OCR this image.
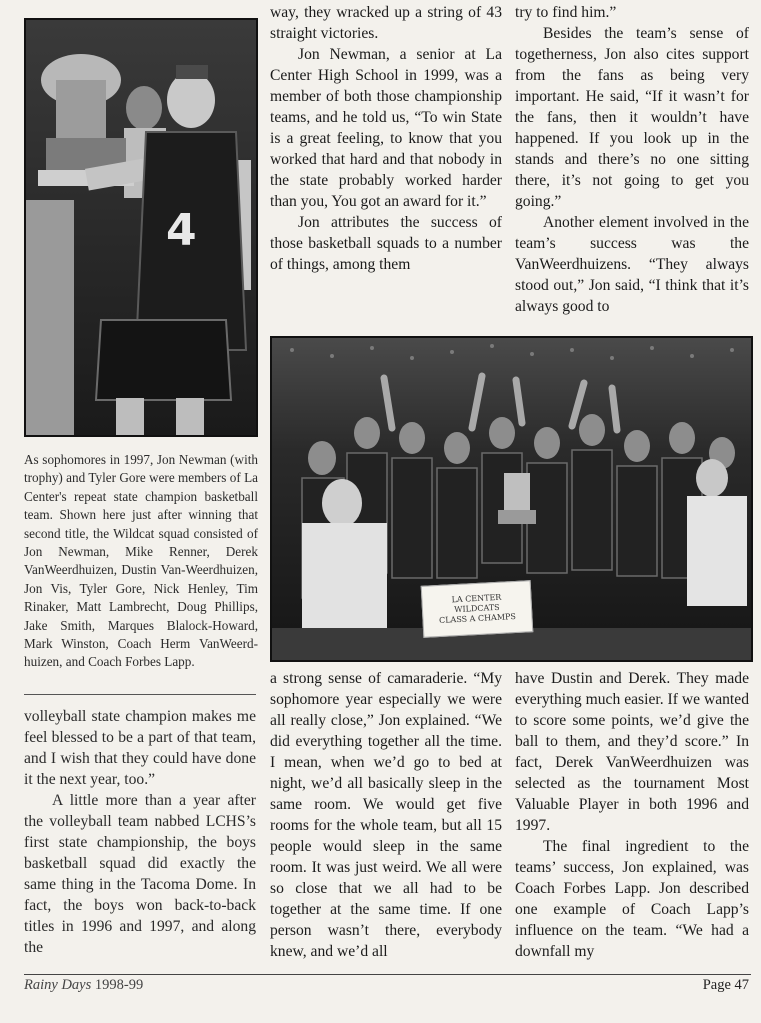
4
As sophomores in 1997, Jon Newman (with trophy) and Tyler Gore were members of La Center's repeat state champion basketball team. Shown here just after winning that second title, the Wildcat squad consisted of Jon Newman, Mike Renner, Derek VanWeerdhuizen, Dustin Van-Weerdhuizen, Jon Vis, Tyler Gore, Nick Henley, Tim Rinaker, Matt Lambrecht, Doug Phillips, Jake Smith, Marques Blalock-Howard, Mark Winston, Coach Herm VanWeerd-huizen, and Coach Forbes Lapp.

volleyball state champion makes me feel blessed to be a part of that team, and I wish that they could have done it the next year, too.”

A little more than a year after the volleyball team nabbed LCHS’s first state championship, the boys basketball squad did exactly the same thing in the Tacoma Dome. In fact, the boys won back-to-back titles in 1996 and 1997, and along the

way, they wracked up a string of 43 straight victories.

Jon Newman, a senior at La Center High School in 1999, was a member of both those championship teams, and he told us, “To win State is a great feeling, to know that you worked that hard and that nobody in the state probably worked harder than you, You got an award for it.”

Jon attributes the success of those basketball squads to a number of things, among them

try to find him.”

Besides the team’s sense of togetherness, Jon also cites support from the fans as being very important. He said, “If it wasn’t for the fans, then it wouldn’t have happened. If you look up in the stands and there’s no one sitting there, it’s not going to get you going.”

Another element involved in the team’s success was the VanWeerdhuizens. “They always stood out,” Jon said, “I think that it’s always good to

LA CENTER
WILDCATS
CLASS A CHAMPS

a strong sense of camaraderie. “My sophomore year especially we were all really close,” Jon explained. “We did everything together all the time. I mean, when we’d go to bed at night, we’d all basically sleep in the same room. We would get five rooms for the whole team, but all 15 people would sleep in the same room. It was just weird. We all were so close that we all had to be together at the same time. If one person wasn’t there, everybody knew, and we’d all

have Dustin and Derek. They made everything much easier. If we wanted to score some points, we’d give the ball to them, and they’d score.” In fact, Derek VanWeerdhuizen was selected as the tournament Most Valuable Player in both 1996 and 1997.

The final ingredient to the teams’ success, Jon explained, was Coach Forbes Lapp. Jon described one example of Coach Lapp’s influence on the team. “We had a downfall my

Rainy Days 1998-99	Page 47
